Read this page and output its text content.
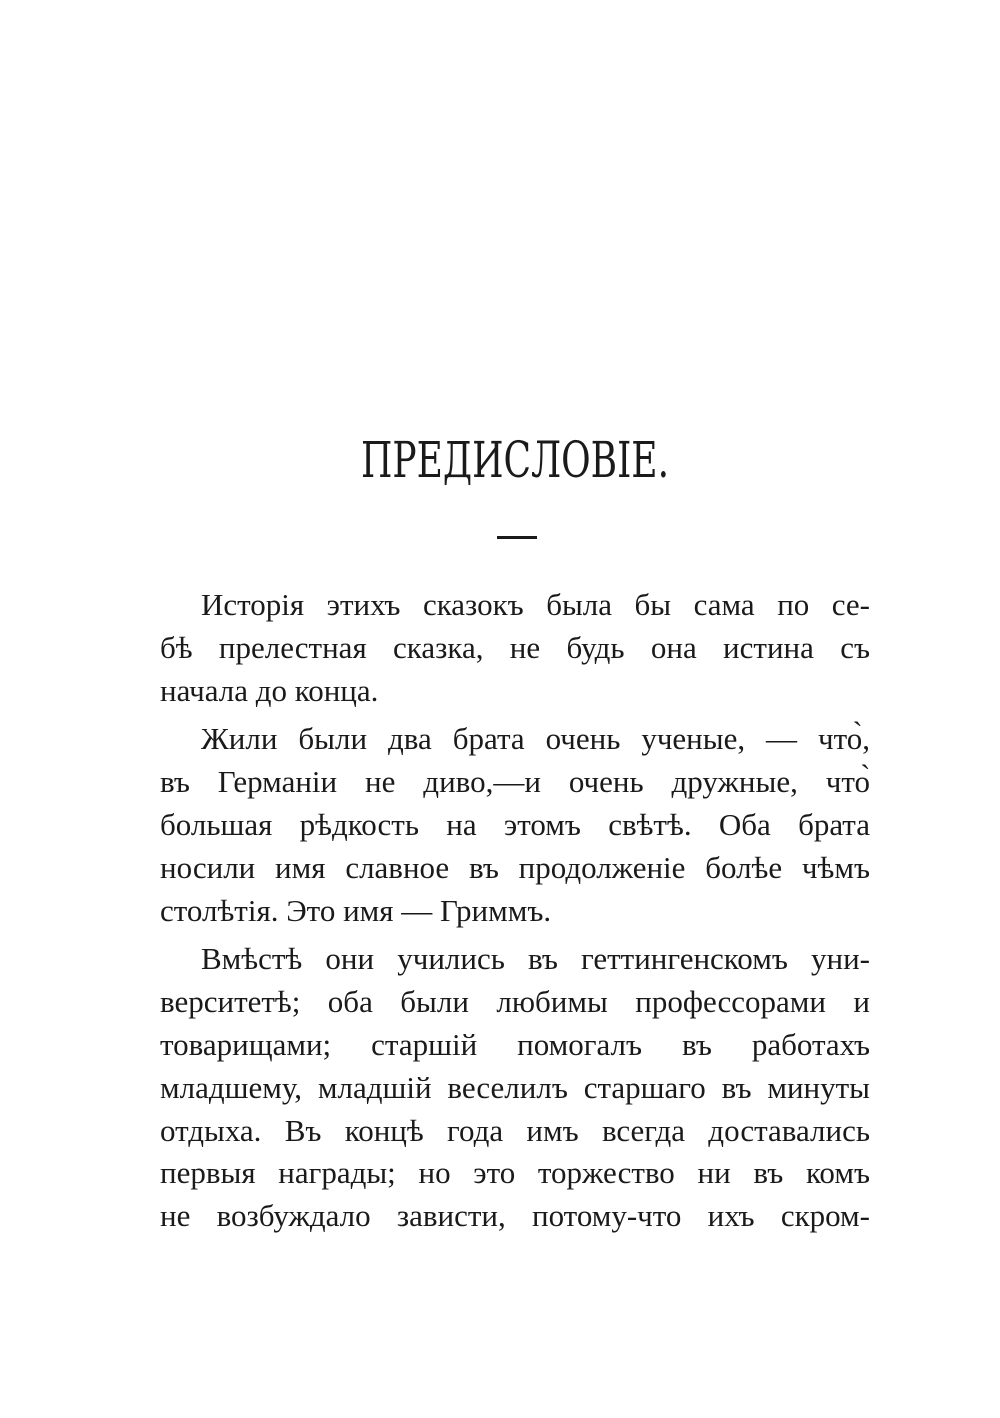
ПРЕДИСЛОВІЕ.
Исторія этихъ сказокъ была бы сама по се-
бѣ прелестная сказка, не будь она истина съ
начала до конца.
Жили были два брата очень ученые, — что̀,
въ Германіи не диво,—и очень дружные, что̀
большая рѣдкость на этомъ свѣтѣ. Оба брата
носили имя славное въ продолженіе болѣе чѣмъ
столѣтія. Это имя — Гриммъ.
Вмѣстѣ они учились въ геттингенскомъ уни-
верситетѣ; оба были любимы профессорами и
товарищами; старшій помогалъ въ работахъ
младшему, младшій веселилъ старшаго въ минуты
отдыха. Въ концѣ года имъ всегда доставались
первыя награды; но это торжество ни въ комъ
не возбуждало зависти, потому-что ихъ скром-
